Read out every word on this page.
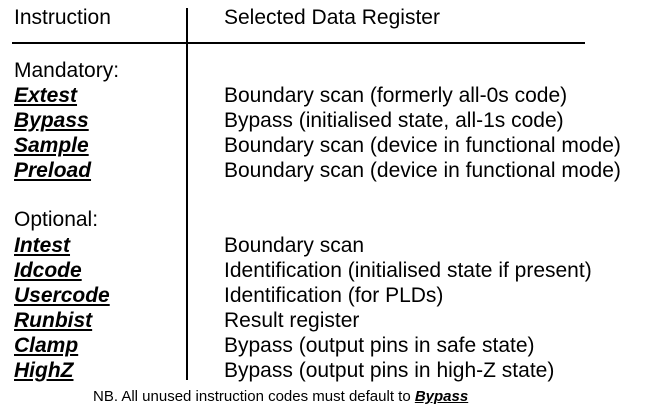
Instruction	Selected Data Register
Mandatory:
Extest	Boundary scan (formerly all-0s code)
Bypass	Bypass (initialised state, all-1s code)
Sample	Boundary scan (device in functional mode)
Preload	Boundary scan (device in functional mode)
Optional:
Intest	Boundary scan
Idcode	Identification (initialised state if present)
Usercode	Identification (for PLDs)
Runbist	Result register
Clamp	Bypass (output pins in safe state)
HighZ	Bypass (output pins in high-Z state)
NB. All unused instruction codes must default to Bypass
